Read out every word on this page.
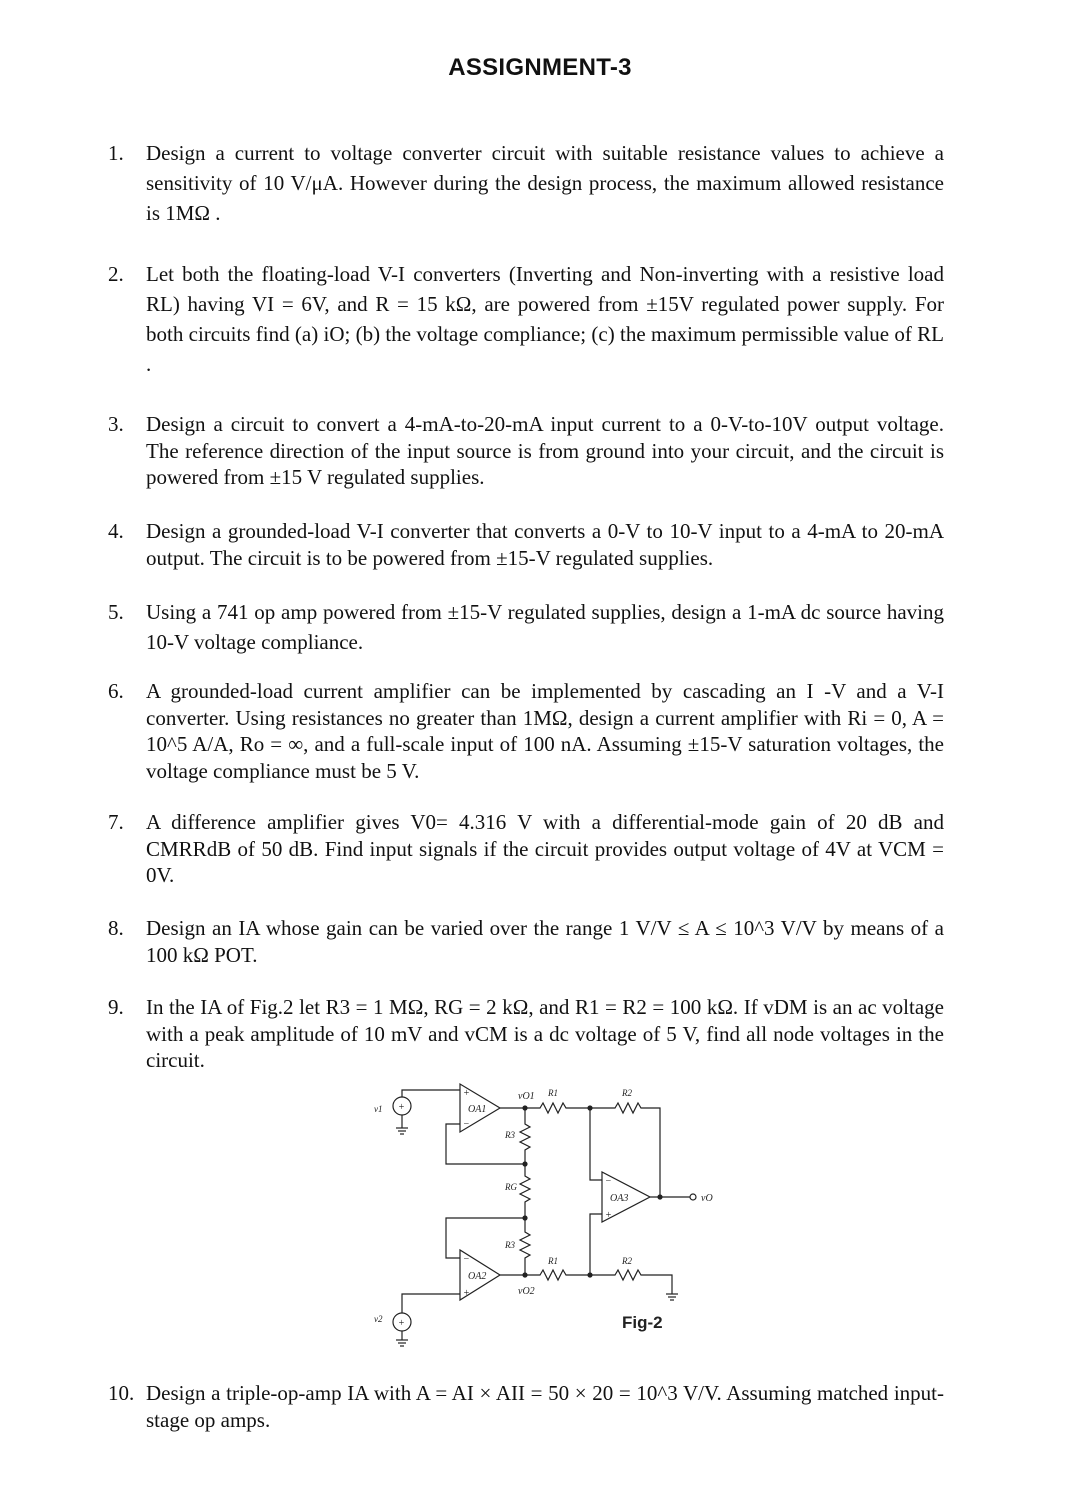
ASSIGNMENT-3
1.	Design a current to voltage converter circuit with suitable resistance values to achieve a sensitivity of 10 V/μA. However during the design process, the maximum allowed resistance is 1MΩ .
2.	Let both the floating-load V-I converters (Inverting and Non-inverting with a resistive load RL) having VI = 6V, and R = 15 kΩ, are powered from ±15V regulated power supply. For both circuits find (a) iO; (b) the voltage compliance; (c) the maximum permissible value of RL .
3.	Design a circuit to convert a 4-mA-to-20-mA input current to a 0-V-to-10V output voltage. The reference direction of the input source is from ground into your circuit, and the circuit is powered from ±15 V regulated supplies.
4.	Design a grounded-load V-I converter that converts a 0-V to 10-V input to a 4-mA to 20-mA output. The circuit is to be powered from ±15-V regulated supplies.
5.	Using a 741 op amp powered from ±15-V regulated supplies, design a 1-mA dc source having 10-V voltage compliance.
6.	A grounded-load current amplifier can be implemented by cascading an I -V and a V-I converter. Using resistances no greater than 1MΩ, design a current amplifier with Ri = 0, A = 10^5 A/A, Ro = ∞, and a full-scale input of 100 nA. Assuming ±15-V saturation voltages, the voltage compliance must be 5 V.
7.	A difference amplifier gives V0= 4.316 V with a differential-mode gain of 20 dB and CMRRdB of 50 dB. Find input signals if the circuit provides output voltage of 4V at VCM = 0V.
8.	Design an IA whose gain can be varied over the range 1 V/V ≤ A ≤ 10^3 V/V by means of a 100 kΩ POT.
9.	In the IA of Fig.2 let R3 = 1 MΩ, RG = 2 kΩ, and R1 = R2 = 100 kΩ. If vDM is an ac voltage with a peak amplitude of 10 mV and vCM is a dc voltage of 5 V, find all node voltages in the circuit.
OA1
+
−
OA2
−
+
OA3
−
+
+
v1
+
v2
vO1
R3
RG
R3
vO2
R1	R2
vO
R1	R2
Fig-2
10. Design a triple-op-amp IA with A = AI × AII = 50 × 20 = 10^3 V/V. Assuming matched input-stage op amps.
